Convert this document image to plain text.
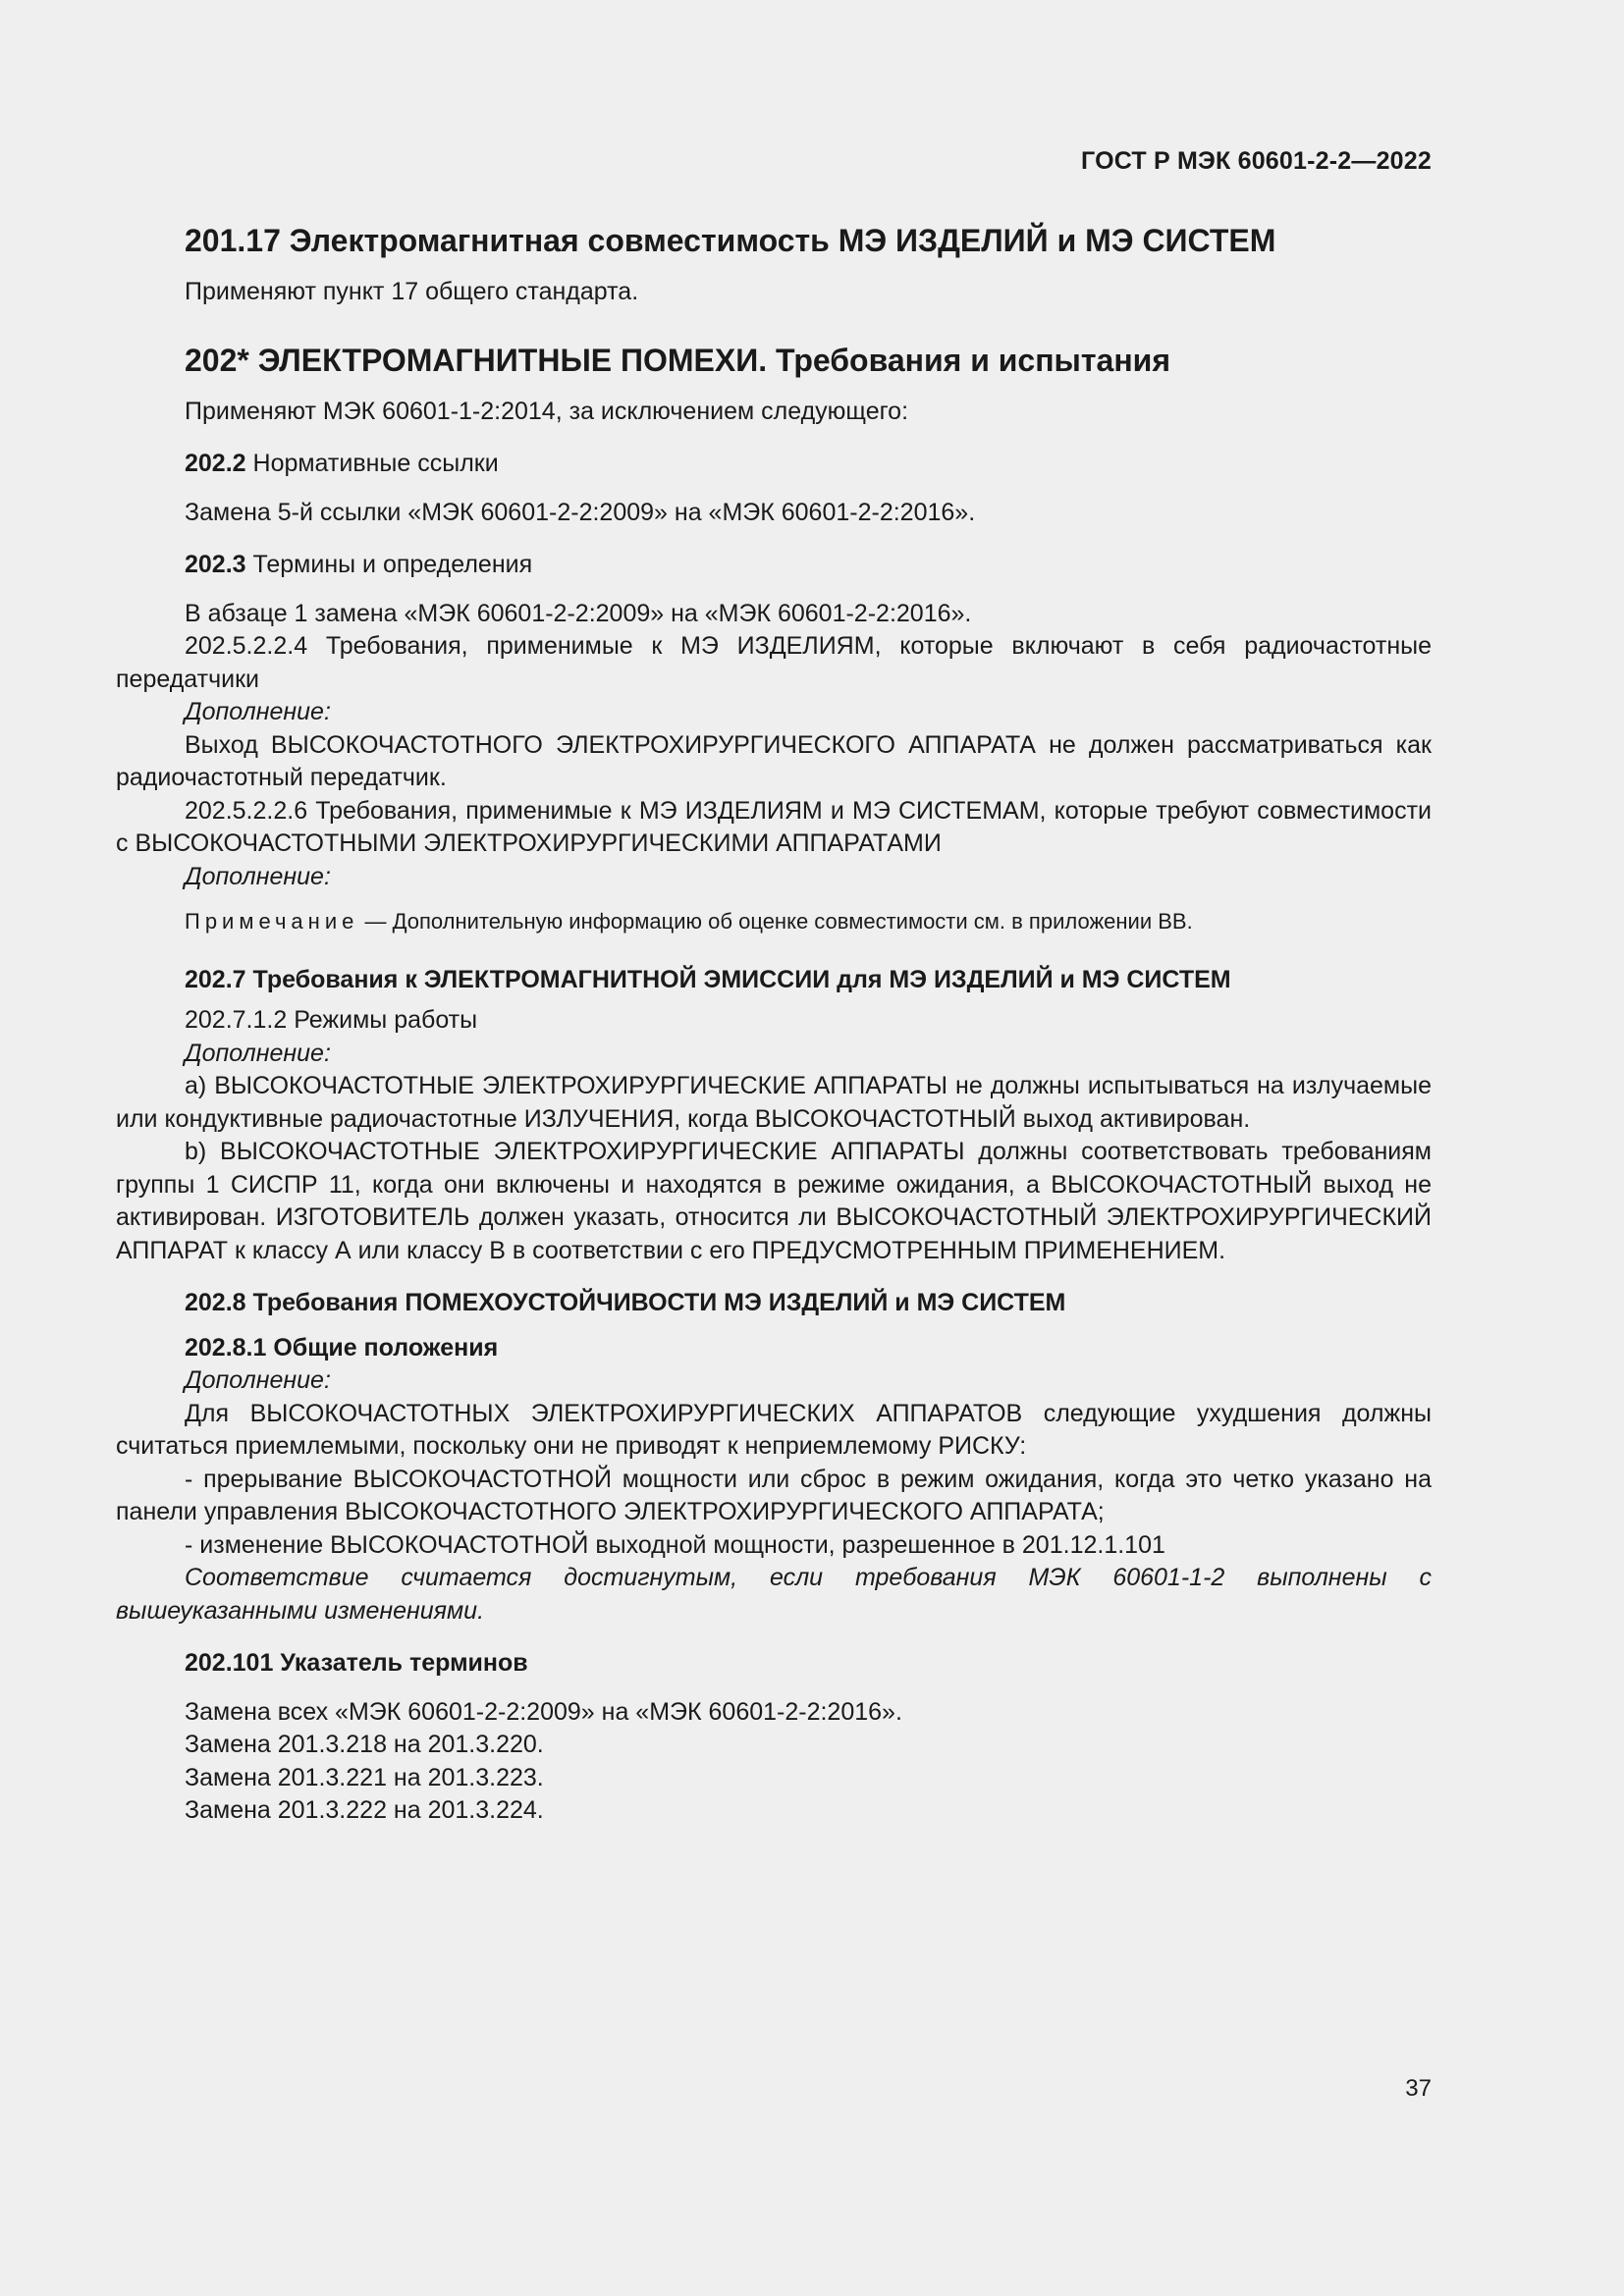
ГОСТ Р МЭК 60601-2-2—2022
201.17 Электромагнитная совместимость МЭ ИЗДЕЛИЙ и МЭ СИСТЕМ

Применяют пункт 17 общего стандарта.

202* ЭЛЕКТРОМАГНИТНЫЕ ПОМЕХИ. Требования и испытания

Применяют МЭК 60601-1-2:2014, за исключением следующего:

202.2 Нормативные ссылки

Замена 5-й ссылки «МЭК 60601-2-2:2009» на «МЭК 60601-2-2:2016».

202.3 Термины и определения

В абзаце 1 замена «МЭК 60601-2-2:2009» на «МЭК 60601-2-2:2016».

202.5.2.2.4 Требования, применимые к МЭ ИЗДЕЛИЯМ, которые включают в себя радиочастотные передатчики

Дополнение:

Выход ВЫСОКОЧАСТОТНОГО ЭЛЕКТРОХИРУРГИЧЕСКОГО АППАРАТА не должен рассматриваться как радиочастотный передатчик.

202.5.2.2.6 Требования, применимые к МЭ ИЗДЕЛИЯМ и МЭ СИСТЕМАМ, которые требуют совместимости с ВЫСОКОЧАСТОТНЫМИ ЭЛЕКТРОХИРУРГИЧЕСКИМИ АППАРАТАМИ

Дополнение:

Примечание — Дополнительную информацию об оценке совместимости см. в приложении ВВ.

202.7 Требования к ЭЛЕКТРОМАГНИТНОЙ ЭМИССИИ для МЭ ИЗДЕЛИЙ и МЭ СИСТЕМ

202.7.1.2 Режимы работы

Дополнение:

a) ВЫСОКОЧАСТОТНЫЕ ЭЛЕКТРОХИРУРГИЧЕСКИЕ АППАРАТЫ не должны испытываться на излучаемые или кондуктивные радиочастотные ИЗЛУЧЕНИЯ, когда ВЫСОКОЧАСТОТНЫЙ выход активирован.

b) ВЫСОКОЧАСТОТНЫЕ ЭЛЕКТРОХИРУРГИЧЕСКИЕ АППАРАТЫ должны соответствовать требованиям группы 1 СИСПР 11, когда они включены и находятся в режиме ожидания, а ВЫСОКОЧАСТОТНЫЙ выход не активирован. ИЗГОТОВИТЕЛЬ должен указать, относится ли ВЫСОКОЧАСТОТНЫЙ ЭЛЕКТРОХИРУРГИЧЕСКИЙ АППАРАТ к классу А или классу В в соответствии с его ПРЕДУСМОТРЕННЫМ ПРИМЕНЕНИЕМ.

202.8 Требования ПОМЕХОУСТОЙЧИВОСТИ МЭ ИЗДЕЛИЙ и МЭ СИСТЕМ

202.8.1 Общие положения

Дополнение:

Для ВЫСОКОЧАСТОТНЫХ ЭЛЕКТРОХИРУРГИЧЕСКИХ АППАРАТОВ следующие ухудшения должны считаться приемлемыми, поскольку они не приводят к неприемлемому РИСКУ:

- прерывание ВЫСОКОЧАСТОТНОЙ мощности или сброс в режим ожидания, когда это четко указано на панели управления ВЫСОКОЧАСТОТНОГО ЭЛЕКТРОХИРУРГИЧЕСКОГО АППАРАТА;

- изменение ВЫСОКОЧАСТОТНОЙ выходной мощности, разрешенное в 201.12.1.101

Соответствие считается достигнутым, если требования МЭК 60601-1-2 выполнены с вышеуказанными изменениями.

202.101 Указатель терминов

Замена всех «МЭК 60601-2-2:2009» на «МЭК 60601-2-2:2016».

Замена 201.3.218 на 201.3.220.

Замена 201.3.221 на 201.3.223.

Замена 201.3.222 на 201.3.224.

37
